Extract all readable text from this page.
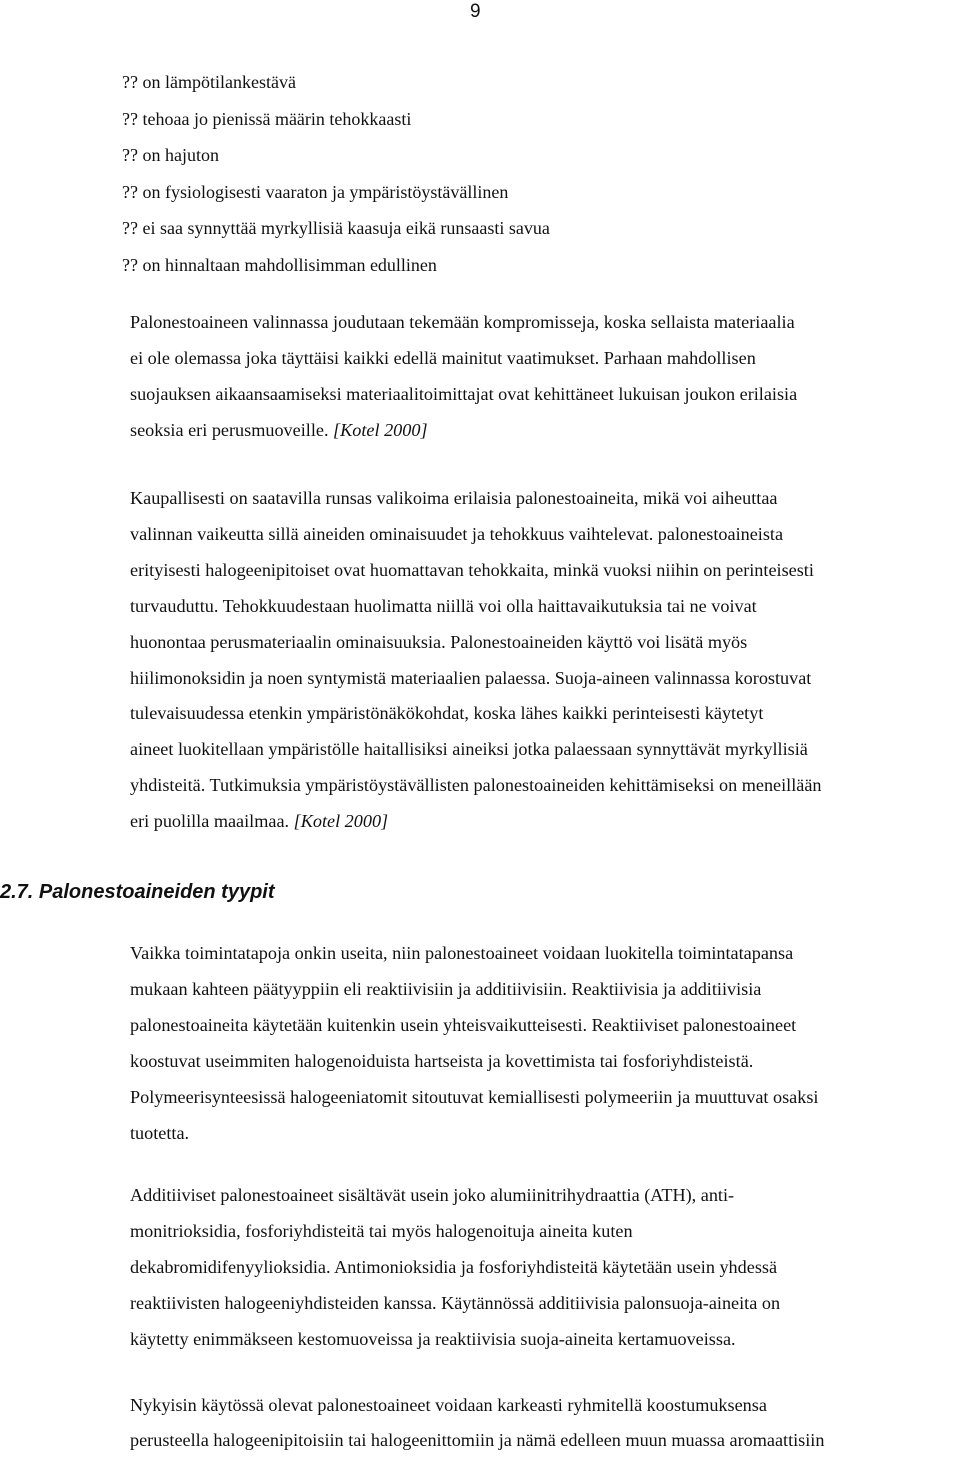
9
?? on lämpötilankestävä
?? tehoaa jo pienissä määrin tehokkaasti
?? on hajuton
?? on fysiologisesti vaaraton ja ympäristöystävällinen
?? ei saa synnyttää myrkyllisiä kaasuja eikä runsaasti savua
?? on hinnaltaan mahdollisimman edullinen

Palonestoaineen valinnassa joudutaan tekemään kompromisseja, koska sellaista materiaalia
ei ole olemassa joka täyttäisi kaikki edellä mainitut vaatimukset. Parhaan mahdollisen
suojauksen aikaansaamiseksi materiaalitoimittajat ovat kehittäneet lukuisan joukon erilaisia
seoksia eri perusmuoveille. [Kotel 2000]

Kaupallisesti on saatavilla runsas valikoima erilaisia palonestoaineita, mikä voi aiheuttaa
valinnan vaikeutta sillä aineiden ominaisuudet ja tehokkuus vaihtelevat. palonestoaineista
erityisesti halogeenipitoiset ovat huomattavan tehokkaita, minkä vuoksi niihin on perinteisesti
turvauduttu. Tehokkuudestaan huolimatta niillä voi olla haittavaikutuksia tai ne voivat
huonontaa perusmateriaalin ominaisuuksia. Palonestoaineiden käyttö voi lisätä myös
hiilimonoksidin ja noen syntymistä materiaalien palaessa. Suoja-aineen valinnassa korostuvat
tulevaisuudessa etenkin ympäristönäkökohdat, koska lähes kaikki perinteisesti käytetyt
aineet luokitellaan ympäristölle haitallisiksi aineiksi jotka palaessaan synnyttävät myrkyllisiä
yhdisteitä. Tutkimuksia ympäristöystävällisten palonestoaineiden kehittämiseksi on meneillään
eri puolilla maailmaa. [Kotel 2000]

2.7. Palonestoaineiden tyypit

Vaikka toimintatapoja onkin useita, niin palonestoaineet voidaan luokitella toimintatapansa
mukaan kahteen päätyyppiin eli reaktiivisiin ja additiivisiin. Reaktiivisia ja additiivisia
palonestoaineita käytetään kuitenkin usein yhteisvaikutteisesti. Reaktiiviset palonestoaineet
koostuvat useimmiten halogenoiduista hartseista ja kovettimista tai fosforiyhdisteistä.
Polymeerisynteesissä halogeeniatomit sitoutuvat kemiallisesti polymeeriin ja muuttuvat osaksi
tuotetta.

Additiiviset palonestoaineet sisältävät usein joko alumiinitrihydraattia (ATH), anti-
monitrioksidia, fosforiyhdisteitä tai myös halogenoituja aineita kuten
dekabromidifenyylioksidia. Antimonioksidia ja fosforiyhdisteitä käytetään usein yhdessä
reaktiivisten halogeeniyhdisteiden kanssa. Käytännössä additiivisia palonsuoja-aineita on
käytetty enimmäkseen kestomuoveissa ja reaktiivisia suoja-aineita kertamuoveissa.

Nykyisin käytössä olevat palonestoaineet voidaan karkeasti ryhmitellä koostumuksensa
perusteella halogeenipitoisiin tai halogeenittomiin ja nämä edelleen muun muassa aromaattisiin
